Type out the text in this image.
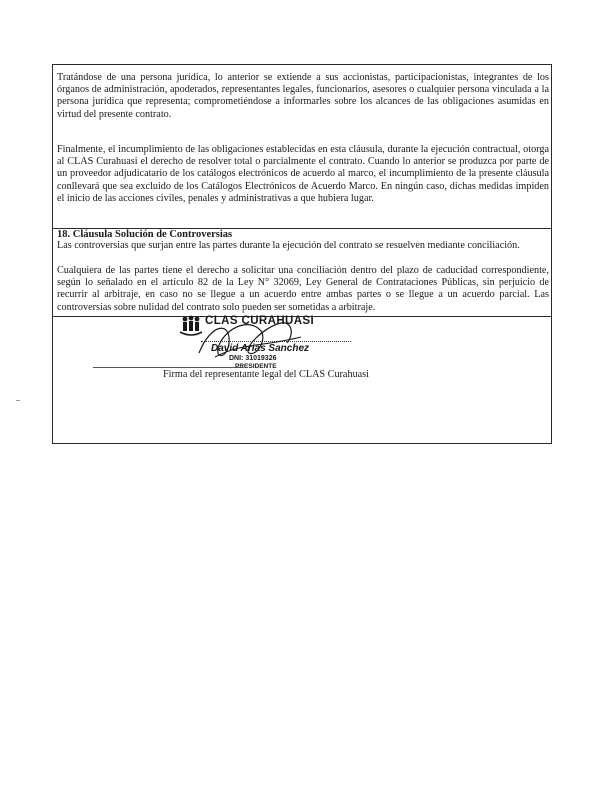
Tratándose de una persona jurídica, lo anterior se extiende a sus accionistas, participacionistas, integrantes de los órganos de administración, apoderados, representantes legales, funcionarios, asesores o cualquier persona vinculada a la persona jurídica que representa; comprometiéndose a informarles sobre los alcances de las obligaciones asumidas en virtud del presente contrato.

Finalmente, el incumplimiento de las obligaciones establecidas en esta cláusula, durante la ejecución contractual, otorga al CLAS Curahuasi el derecho de resolver total o parcialmente el contrato. Cuando lo anterior se produzca por parte de un proveedor adjudicatario de los catálogos electrónicos de acuerdo al marco, el incumplimiento de la presente cláusula conllevará que sea excluido de los Catálogos Electrónicos de Acuerdo Marco. En ningún caso, dichas medidas impiden el inicio de las acciones civiles, penales y administrativas a que hubiera lugar.

18. Cláusula Solución de Controversias

Las controversias que surjan entre las partes durante la ejecución del contrato se resuelven mediante conciliación.

Cualquiera de las partes tiene el derecho a solicitar una conciliación dentro del plazo de caducidad correspondiente, según lo señalado en el artículo 82 de la Ley N° 32069, Ley General de Contrataciones Públicas, sin perjuicio de recurrir al arbitraje, en caso no se llegue a un acuerdo entre ambas partes o se llegue a un acuerdo parcial. Las controversias sobre nulidad del contrato solo pueden ser sometidas a arbitraje.

CLAS CURAHUASI
David Arias Sanchez
DNI: 31019326
PRESIDENTE
Firma del representante legal del CLAS Curahuasi
